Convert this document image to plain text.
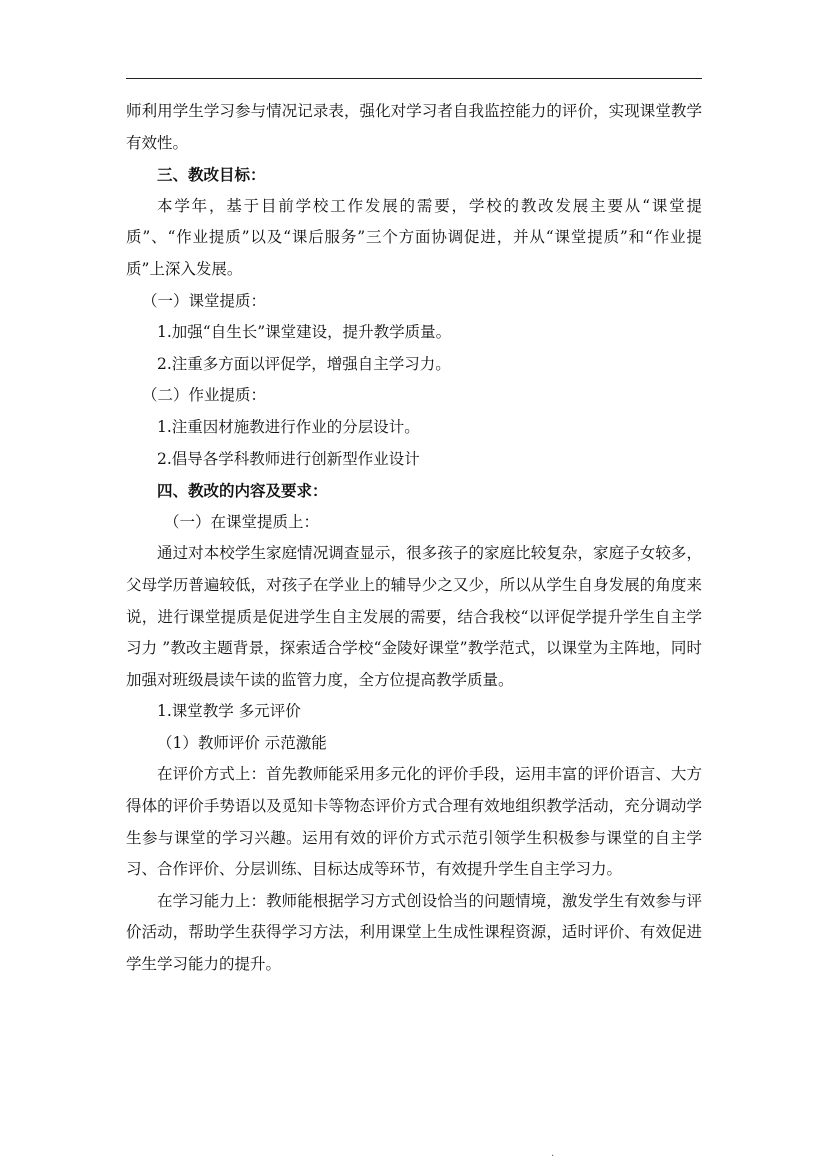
师利用学生学习参与情况记录表，强化对学习者自我监控能力的评价，实现课堂教学有效性。

三、教改目标：

本学年，基于目前学校工作发展的需要，学校的教改发展主要从“课堂提质”、“作业提质”以及“课后服务”三个方面协调促进，并从“课堂提质”和“作业提质”上深入发展。

（一）课堂提质：

1.加强“自生长”课堂建设，提升教学质量。

2.注重多方面以评促学，增强自主学习力。

（二）作业提质：

1.注重因材施教进行作业的分层设计。

2.倡导各学科教师进行创新型作业设计

四、教改的内容及要求：

（一）在课堂提质上：

通过对本校学生家庭情况调查显示，很多孩子的家庭比较复杂，家庭子女较多，父母学历普遍较低，对孩子在学业上的辅导少之又少，所以从学生自身发展的角度来说，进行课堂提质是促进学生自主发展的需要，结合我校“以评促学提升学生自主学习力 ”教改主题背景，探索适合学校“金陵好课堂”教学范式，以课堂为主阵地，同时加强对班级晨读午读的监管力度，全方位提高教学质量。

1.课堂教学 多元评价

（1）教师评价 示范激能

在评价方式上：首先教师能采用多元化的评价手段，运用丰富的评价语言、大方得体的评价手势语以及觅知卡等物态评价方式合理有效地组织教学活动，充分调动学生参与课堂的学习兴趣。运用有效的评价方式示范引领学生积极参与课堂的自主学习、合作评价、分层训练、目标达成等环节，有效提升学生自主学习力。

在学习能力上：教师能根据学习方式创设恰当的问题情境，激发学生有效参与评价活动，帮助学生获得学习方法，利用课堂上生成性课程资源，适时评价、有效促进学生学习能力的提升。

.
